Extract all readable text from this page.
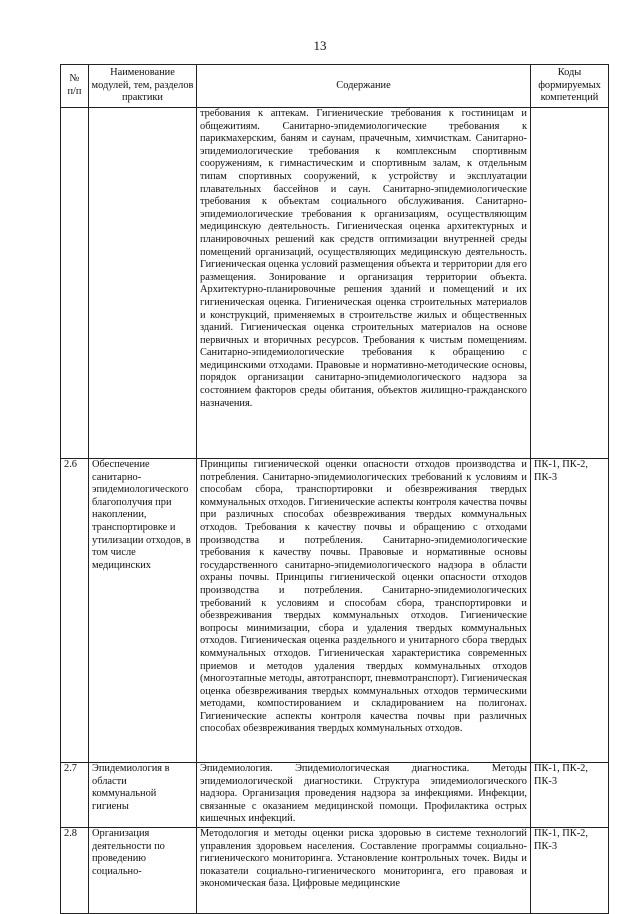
13
№
п/п	Наименование модулей, тем, разделов практики	Содержание	Коды формируемых компетенций
		требования к аптекам. Гигиенические требования к гостиницам и общежитиям. Санитарно-эпидемиологические требования к парикмахерским, баням и саунам, прачечным, химчисткам. Санитарно-эпидемиологические требования к комплексным спортивным сооружениям, к гимнастическим и спортивным залам, к отдельным типам спортивных сооружений, к устройству и эксплуатации плавательных бассейнов и саун. Санитарно-эпидемиологические требования к объектам социального обслуживания. Санитарно-эпидемиологические требования к организациям, осуществляющим медицинскую деятельность. Гигиеническая оценка архитектурных и планировочных решений как средств оптимизации внутренней среды помещений организаций, осуществляющих медицинскую деятельность. Гигиеническая оценка условий размещения объекта и территории для его размещения. Зонирование и организация территории объекта. Архитектурно-планировочные решения зданий и помещений и их гигиеническая оценка. Гигиеническая оценка строительных материалов и конструкций, применяемых в строительстве жилых и общественных зданий. Гигиеническая оценка строительных материалов на основе первичных и вторичных ресурсов. Требования к чистым помещениям. Санитарно-эпидемиологические требования к обращению с медицинскими отходами. Правовые и нормативно-методические основы, порядок организации санитарно-эпидемиологического надзора за состоянием факторов среды обитания, объектов жилищно-гражданского назначения.	
2.6	Обеспечение санитарно-эпидемиологического благополучия при накоплении, транспортировке и утилизации отходов, в том числе медицинских	Принципы гигиенической оценки опасности отходов производства и потребления. Санитарно-эпидемиологических требований к условиям и способам сбора, транспортировки и обезвреживания твердых коммунальных отходов. Гигиенические аспекты контроля качества почвы при различных способах обезвреживания твердых коммунальных отходов. Требования к качеству почвы и обращению с отходами производства и потребления. Санитарно-эпидемиологические требования к качеству почвы. Правовые и нормативные основы государственного санитарно-эпидемиологического надзора в области охраны почвы. Принципы гигиенической оценки опасности отходов производства и потребления. Санитарно-эпидемиологических требований к условиям и способам сбора, транспортировки и обезвреживания твердых коммунальных отходов. Гигиенические вопросы минимизации, сбора и удаления твердых коммунальных отходов. Гигиеническая оценка раздельного и унитарного сбора твердых коммунальных отходов. Гигиеническая характеристика современных приемов и методов удаления твердых коммунальных отходов (многоэтапные методы, автотранспорт, пневмотранспорт). Гигиеническая оценка обезвреживания твердых коммунальных отходов термическими методами, компостированием и складированием на полигонах. Гигиенические аспекты контроля качества почвы при различных способах обезвреживания твердых коммунальных отходов.	ПК-1, ПК-2, ПК-3
2.7	Эпидемиология в области коммунальной гигиены	Эпидемиология. Эпидемиологическая диагностика. Методы эпидемиологической диагностики. Структура эпидемиологического надзора. Организация проведения надзора за инфекциями. Инфекции, связанные с оказанием медицинской помощи. Профилактика острых кишечных инфекций.	ПК-1, ПК-2, ПК-3
2.8	Организация деятельности по проведению социально-	Методология и методы оценки риска здоровью в системе технологий управления здоровьем населения. Составление программы социально-гигиенического мониторинга. Установление контрольных точек. Виды и показатели социально-гигиенического мониторинга, его правовая и экономическая база. Цифровые медицинские	ПК-1, ПК-2, ПК-3
